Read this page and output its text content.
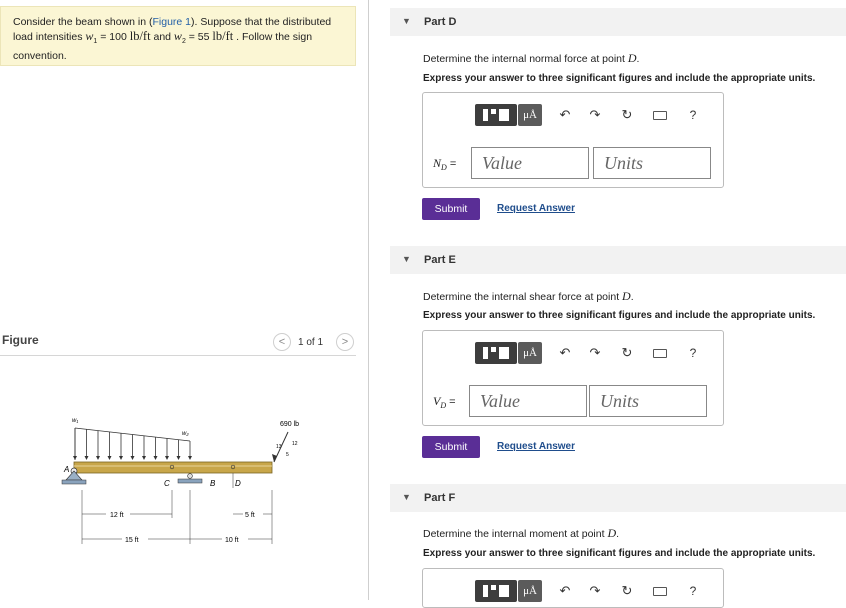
Consider the beam shown in (Figure 1). Suppose that the distributed load intensities $w_1 = 100$ lb/ft and $w_2 = 55$ lb/ft . Follow the sign convention.
Figure	<	1 of 1	>
w₁
w₂
A
B
C	D
690 lb
13 12
5
12 ft	5 ft
15 ft	10 ft
▼ Part D
Determine the internal normal force at point D.
Express your answer to three significant figures and include the appropriate units.
μÅ	↶	↷	↻	?
$N_D$ =
Value
Units
Submit	Request Answer
▼ Part E
Determine the internal shear force at point D.
Express your answer to three significant figures and include the appropriate units.
μÅ	↶	↷	↻	?
$V_D$ =
Value
Units
Submit	Request Answer
▼ Part F
Determine the internal moment at point D.
Express your answer to three significant figures and include the appropriate units.
μÅ	↶	↷	↻	?
